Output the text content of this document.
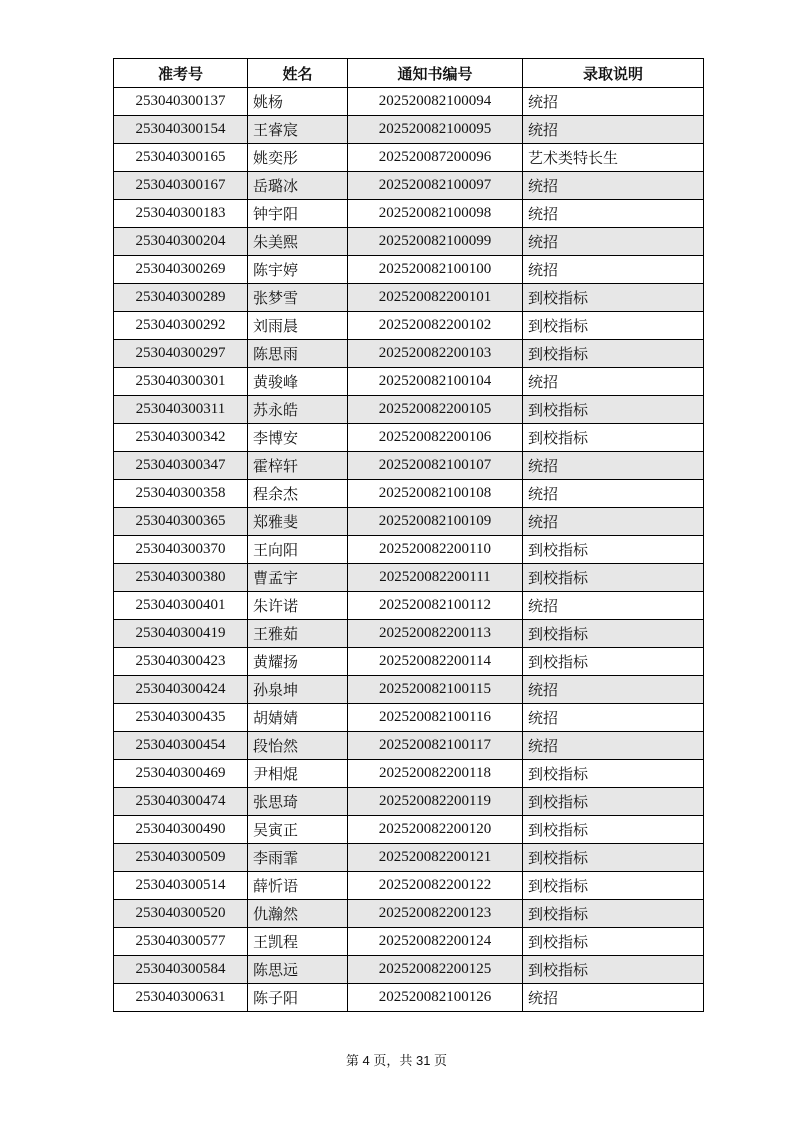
准考号	姓名	通知书编号	录取说明
253040300137	姚杨	202520082100094	统招
253040300154	王睿宸	202520082100095	统招
253040300165	姚奕彤	202520087200096	艺术类特长生
253040300167	岳璐冰	202520082100097	统招
253040300183	钟宇阳	202520082100098	统招
253040300204	朱美熙	202520082100099	统招
253040300269	陈宇婷	202520082100100	统招
253040300289	张梦雪	202520082200101	到校指标
253040300292	刘雨晨	202520082200102	到校指标
253040300297	陈思雨	202520082200103	到校指标
253040300301	黄骏峰	202520082100104	统招
253040300311	苏永皓	202520082200105	到校指标
253040300342	李博安	202520082200106	到校指标
253040300347	霍梓轩	202520082100107	统招
253040300358	程余杰	202520082100108	统招
253040300365	郑雅斐	202520082100109	统招
253040300370	王向阳	202520082200110	到校指标
253040300380	曹孟宇	202520082200111	到校指标
253040300401	朱许诺	202520082100112	统招
253040300419	王雅茹	202520082200113	到校指标
253040300423	黄耀扬	202520082200114	到校指标
253040300424	孙泉坤	202520082100115	统招
253040300435	胡婧婧	202520082100116	统招
253040300454	段怡然	202520082100117	统招
253040300469	尹相焜	202520082200118	到校指标
253040300474	张思琦	202520082200119	到校指标
253040300490	吴寅正	202520082200120	到校指标
253040300509	李雨霏	202520082200121	到校指标
253040300514	薛忻语	202520082200122	到校指标
253040300520	仇瀚然	202520082200123	到校指标
253040300577	王凯程	202520082200124	到校指标
253040300584	陈思远	202520082200125	到校指标
253040300631	陈子阳	202520082100126	统招
第 4 页，共 31 页
